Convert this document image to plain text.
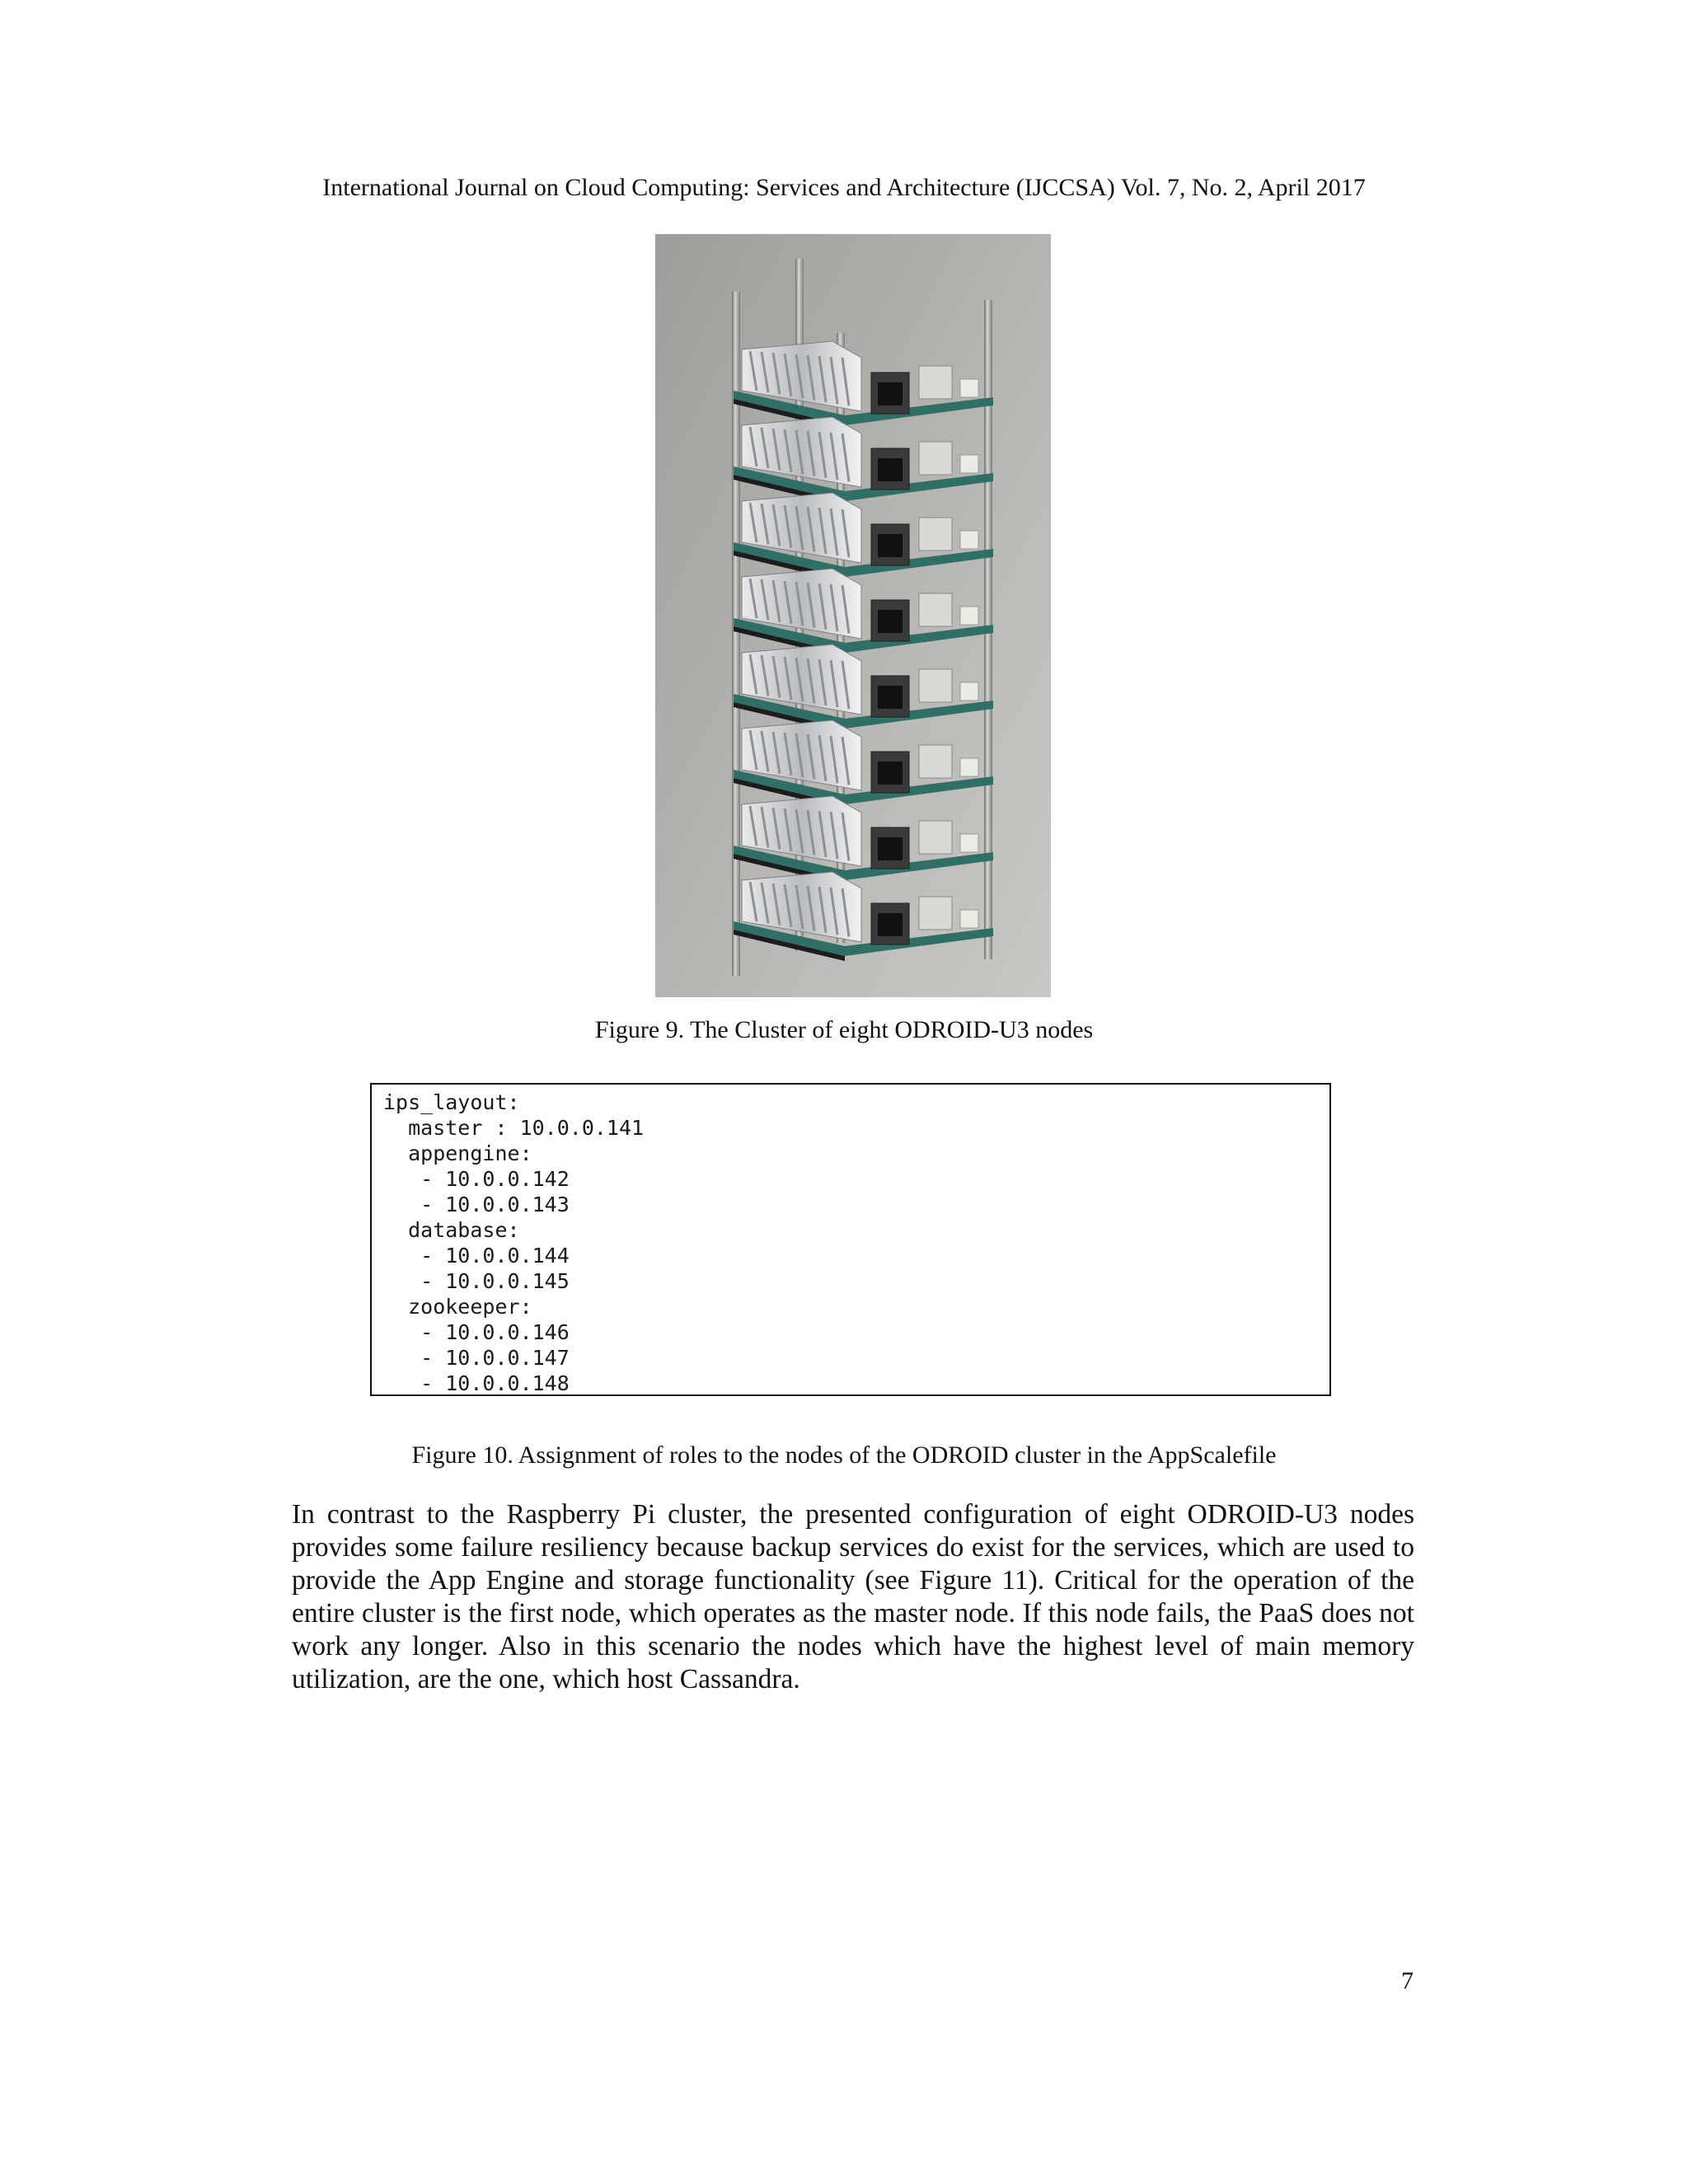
International Journal on Cloud Computing: Services and Architecture (IJCCSA) Vol. 7, No. 2, April 2017
Figure 9. The Cluster of eight ODROID-U3 nodes
ips_layout:
master : 10.0.0.141
appengine:
- 10.0.0.142
- 10.0.0.143
database:
- 10.0.0.144
- 10.0.0.145
zookeeper:
- 10.0.0.146
- 10.0.0.147
- 10.0.0.148
Figure 10. Assignment of roles to the nodes of the ODROID cluster in the AppScalefile

In contrast to the Raspberry Pi cluster, the presented configuration of eight ODROID-U3 nodes provides some failure resiliency because backup services do exist for the services, which are used to provide the App Engine and storage functionality (see Figure 11). Critical for the operation of the entire cluster is the first node, which operates as the master node. If this node fails, the PaaS does not work any longer. Also in this scenario the nodes which have the highest level of main memory utilization, are the one, which host Cassandra.

7
